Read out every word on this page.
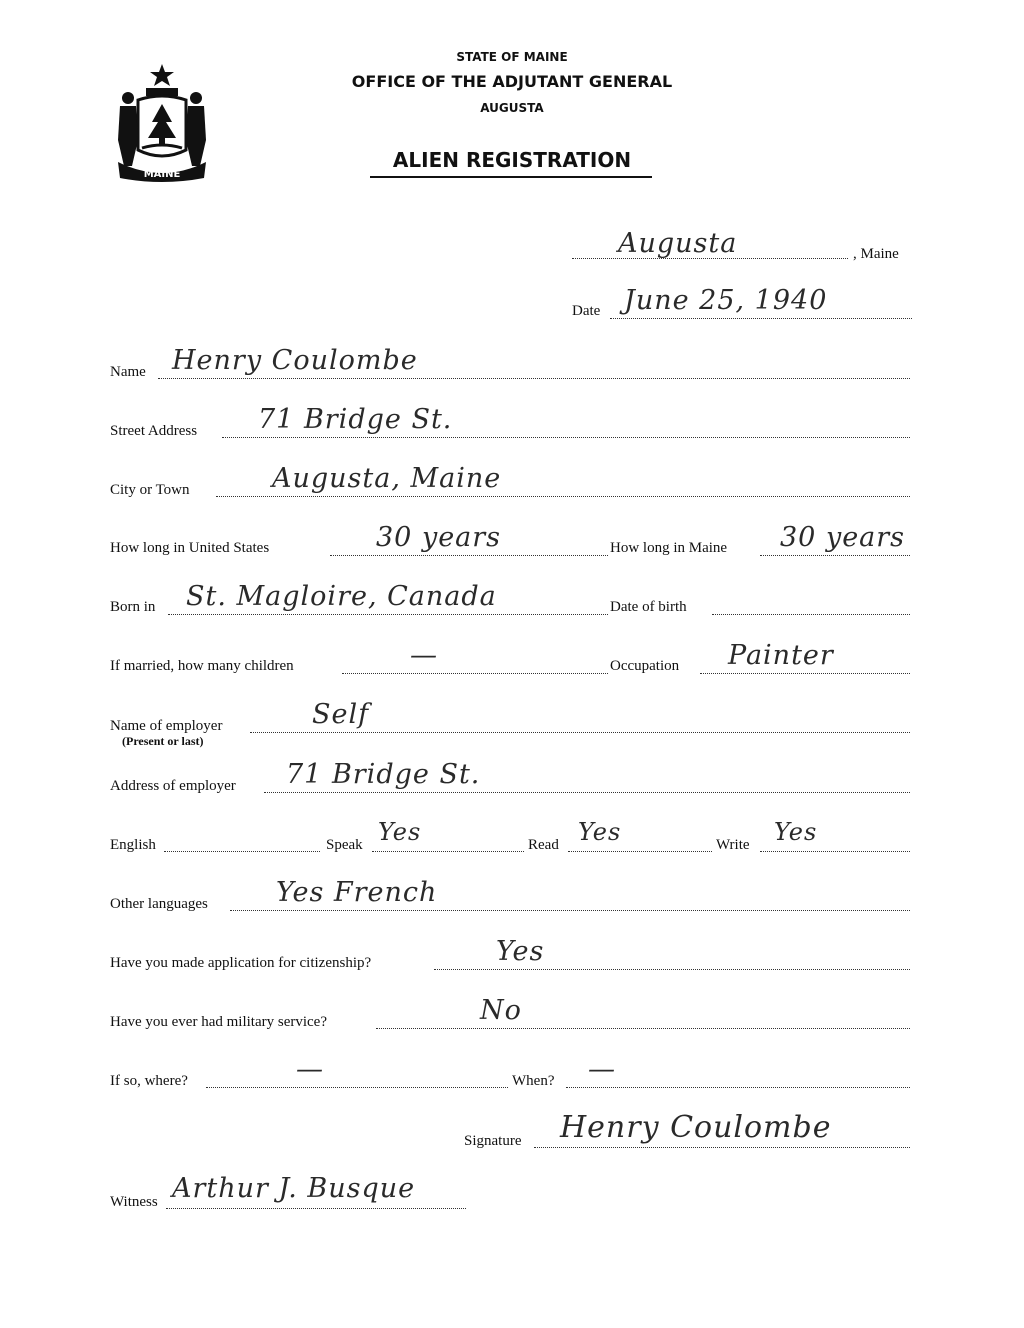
MAINE
STATE OF MAINE
OFFICE OF THE ADJUTANT GENERAL
AUGUSTA
ALIEN REGISTRATION
Augusta	, Maine
Date June 25, 1940
Name Henry Coulombe
Street Address 71 Bridge St.
City or Town	Augusta, Maine
How long in United States	30 years	How long in Maine 30 years
Born in St. Magloire, Canada	Date of birth
If married, how many children	—	Occupation Painter
Name of employer
(Present or last)
Self
Address of employer 71 Bridge St.
English	Speak Yes	Read Yes	Write Yes
Other languages	Yes French
Have you made application for citizenship?	Yes
Have you ever had military service?	No
If so, where?	—	When? —
Signature Henry Coulombe
Witness Arthur J. Busque
